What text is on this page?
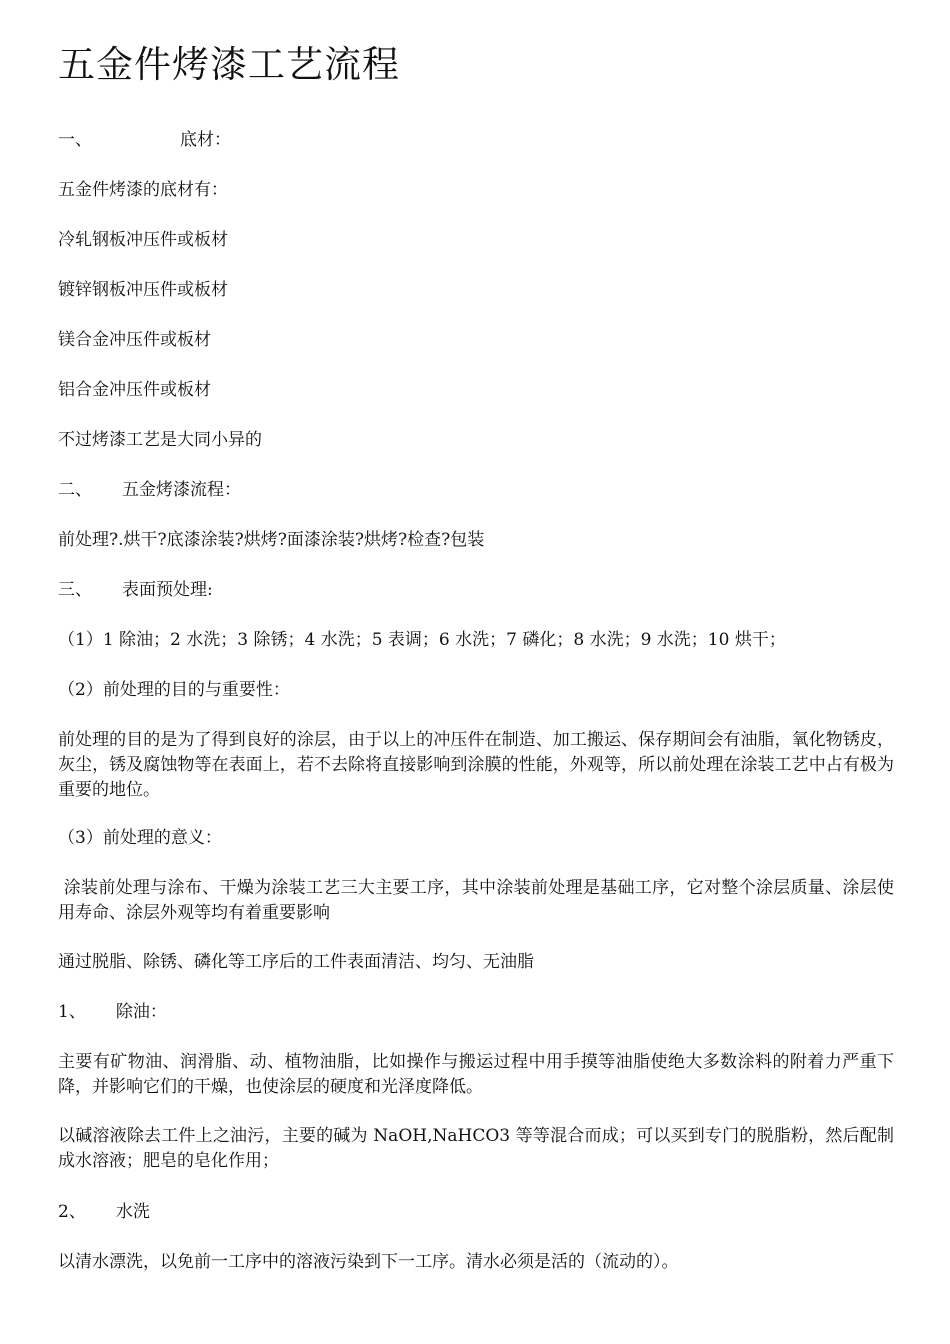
五金件烤漆工艺流程
一、	底材：
五金件烤漆的底材有：
冷轧钢板冲压件或板材
镀锌钢板冲压件或板材
镁合金冲压件或板材
铝合金冲压件或板材
不过烤漆工艺是大同小异的
二、 五金烤漆流程：
前处理?.烘干?底漆涂装?烘烤?面漆涂装?烘烤?检查?包装
三、 表面预处理:
（1）1 除油；2 水洗；3 除锈；4 水洗；5 表调；6 水洗；7 磷化；8 水洗；9 水洗；10 烘干；
（2）前处理的目的与重要性：
前处理的目的是为了得到良好的涂层，由于以上的冲压件在制造、加工搬运、保存期间会有油脂，氧化物锈皮，灰尘，锈及腐蚀物等在表面上，若不去除将直接影响到涂膜的性能，外观等，所以前处理在涂装工艺中占有极为重要的地位。
（3）前处理的意义：
涂装前处理与涂布、干燥为涂装工艺三大主要工序，其中涂装前处理是基础工序，它对整个涂层质量、涂层使用寿命、涂层外观等均有着重要影响
通过脱脂、除锈、磷化等工序后的工件表面清洁、均匀、无油脂
1、 除油：
主要有矿物油、润滑脂、动、植物油脂，比如操作与搬运过程中用手摸等油脂使绝大多数涂料的附着力严重下降，并影响它们的干燥，也使涂层的硬度和光泽度降低。
以碱溶液除去工件上之油污，主要的碱为 NaOH,NaHCO3 等等混合而成；可以买到专门的脱脂粉，然后配制成水溶液；肥皂的皂化作用；
2、 水洗
以清水漂洗，以免前一工序中的溶液污染到下一工序。清水必须是活的（流动的）。
